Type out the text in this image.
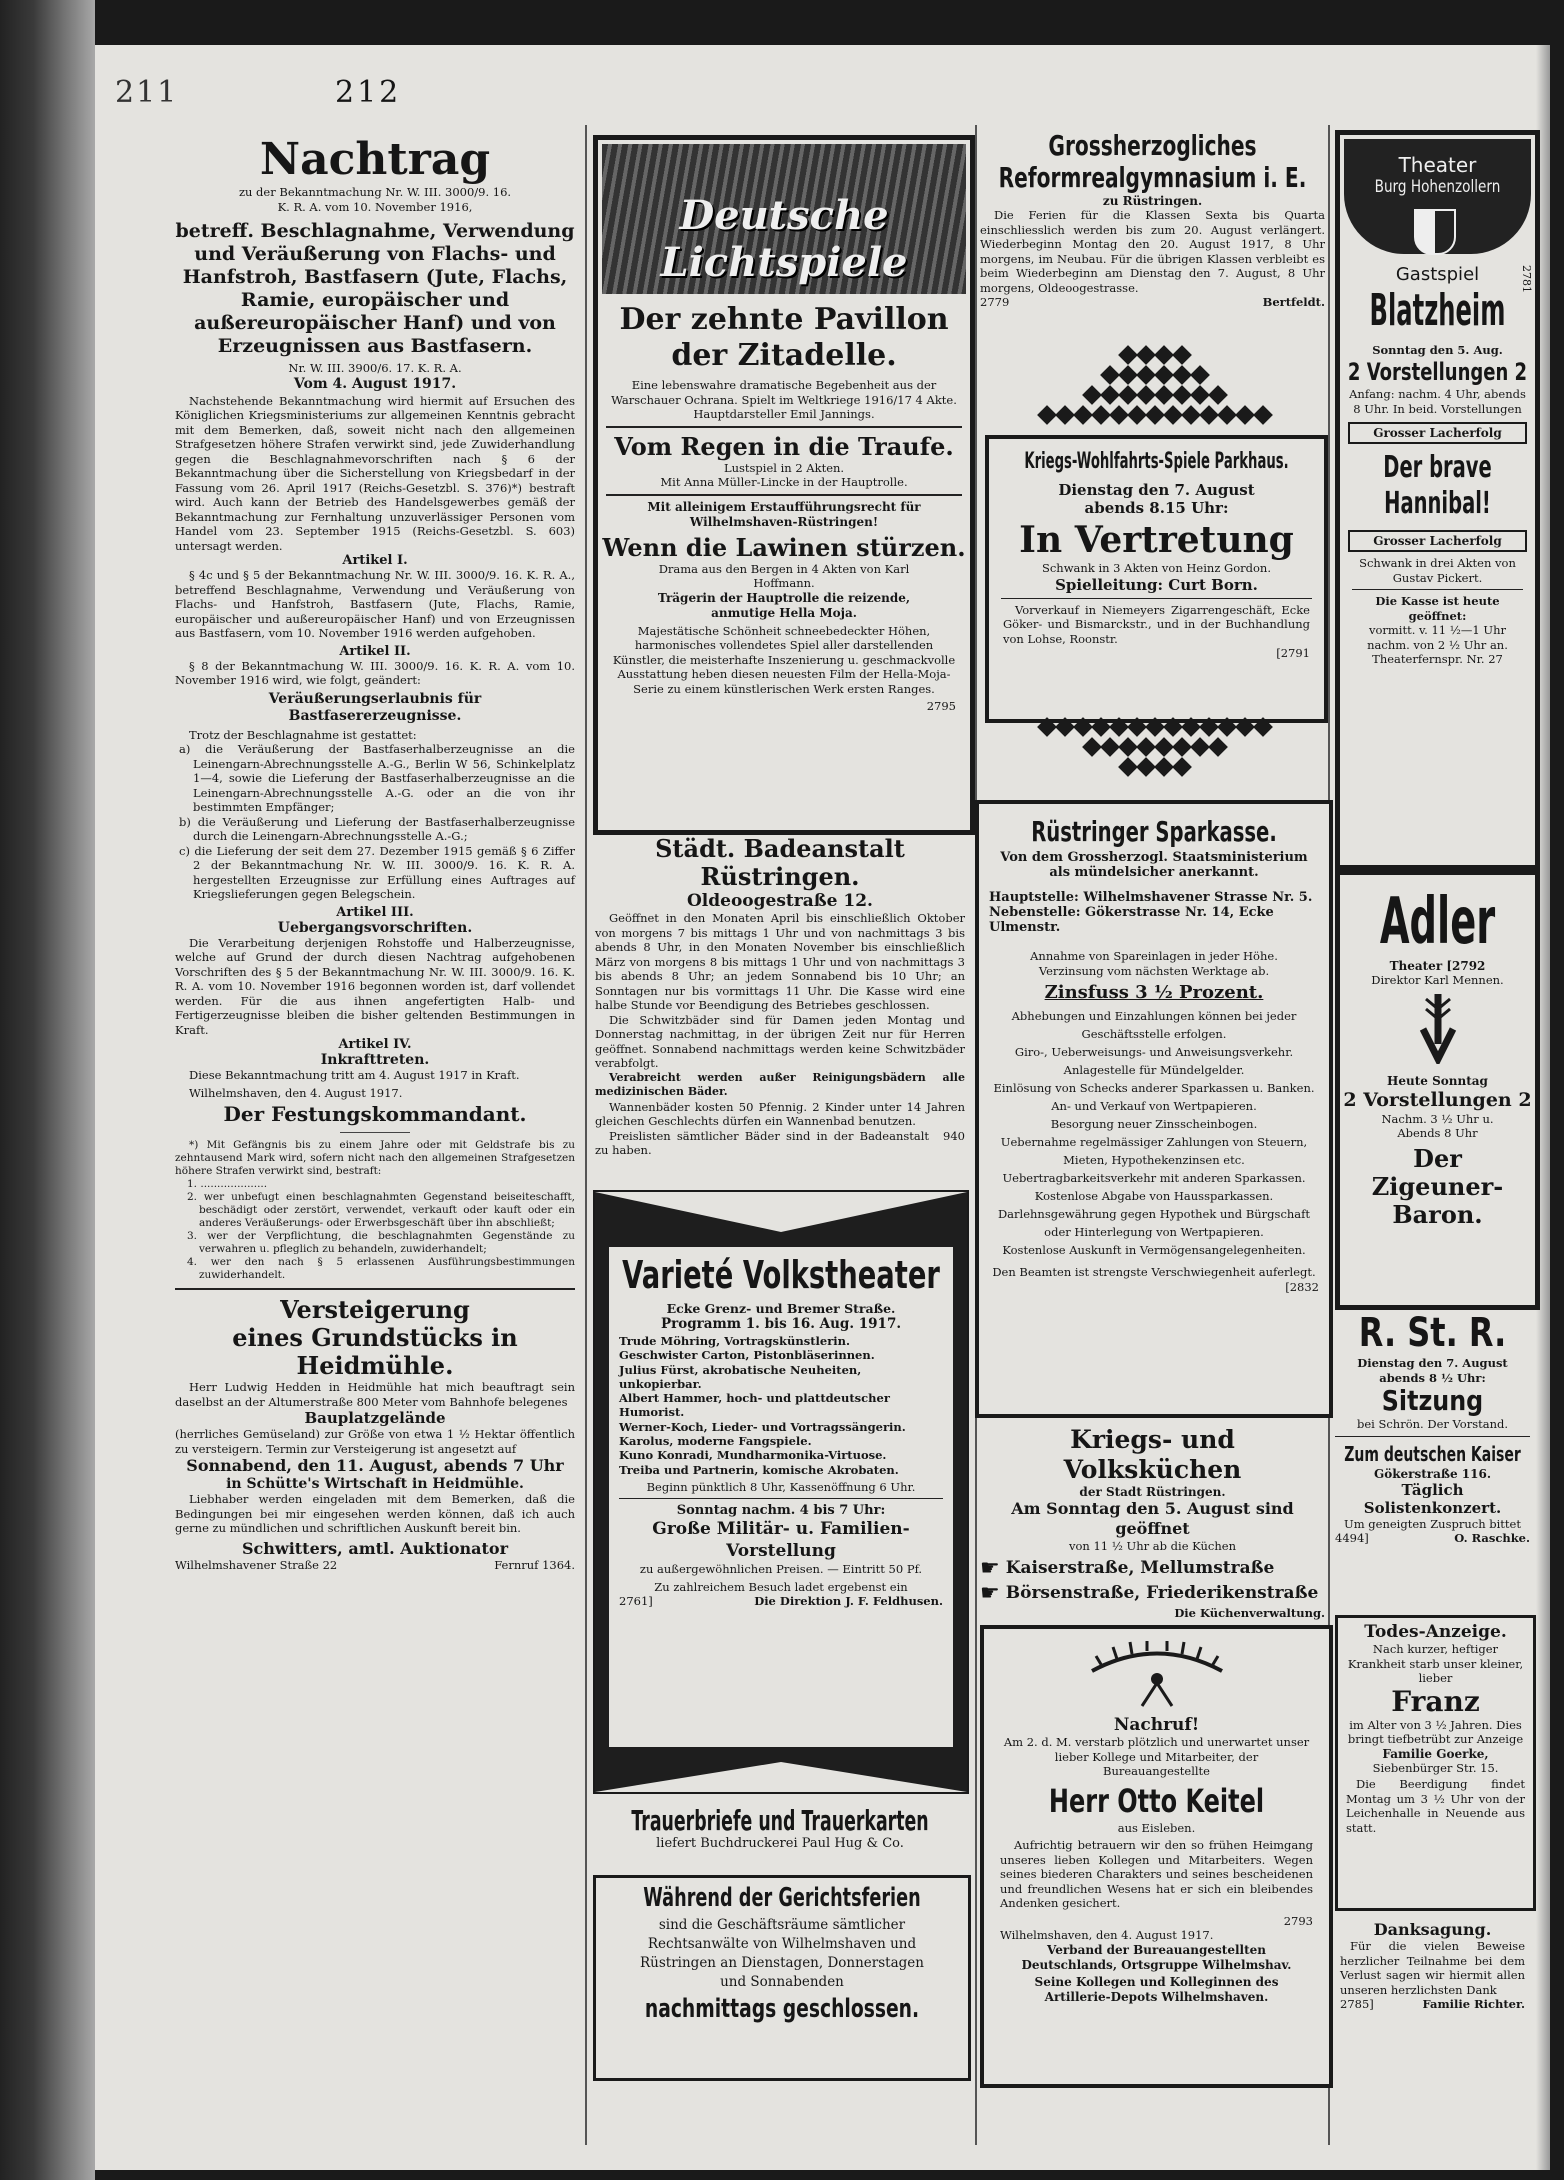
211	212
Nachtrag
zu der Bekanntmachung Nr. W. III. 3000/9. 16.
K. R. A. vom 10. November 1916,
betreff. Beschlagnahme, Verwendung und Veräußerung von Flachs- und Hanfstroh, Bastfasern (Jute, Flachs, Ramie, europäischer und außereuropäischer Hanf) und von Erzeugnissen aus Bastfasern.
Nr. W. III. 3900/6. 17. K. R. A.
Vom 4. August 1917.

Nachstehende Bekanntmachung wird hiermit auf Ersuchen des Königlichen Kriegsministeriums zur allgemeinen Kenntnis gebracht mit dem Bemerken, daß, soweit nicht nach den allgemeinen Strafgesetzen höhere Strafen verwirkt sind, jede Zuwiderhandlung gegen die Beschlagnahmevorschriften nach § 6 der Bekanntmachung über die Sicherstellung von Kriegsbedarf in der Fassung vom 26. April 1917 (Reichs-Gesetzbl. S. 376)*) bestraft wird. Auch kann der Betrieb des Handelsgewerbes gemäß der Bekanntmachung zur Fernhaltung unzuverlässiger Personen vom Handel vom 23. September 1915 (Reichs-Gesetzbl. S. 603) untersagt werden.

Artikel I.

§ 4c und § 5 der Bekanntmachung Nr. W. III. 3000/9. 16. K. R. A., betreffend Beschlagnahme, Verwendung und Veräußerung von Flachs- und Hanfstroh, Bastfasern (Jute, Flachs, Ramie, europäischer und außereuropäischer Hanf) und von Erzeugnissen aus Bastfasern, vom 10. November 1916 werden aufgehoben.

Artikel II.

§ 8 der Bekanntmachung W. III. 3000/9. 16. K. R. A. vom 10. November 1916 wird, wie folgt, geändert:

Veräußerungserlaubnis für Bastfasererzeugnisse.

Trotz der Beschlagnahme ist gestattet:

a) die Veräußerung der Bastfaserhalberzeugnisse an die Leinengarn-Abrechnungsstelle A.-G., Berlin W 56, Schinkelplatz 1—4, sowie die Lieferung der Bastfaserhalberzeugnisse an die Leinengarn-Abrechnungsstelle A.-G. oder an die von ihr bestimmten Empfänger;

b) die Veräußerung und Lieferung der Bastfaserhalberzeugnisse durch die Leinengarn-Abrechnungsstelle A.-G.;

c) die Lieferung der seit dem 27. Dezember 1915 gemäß § 6 Ziffer 2 der Bekanntmachung Nr. W. III. 3000/9. 16. K. R. A. hergestellten Erzeugnisse zur Erfüllung eines Auftrages auf Kriegslieferungen gegen Belegschein.

Artikel III.
Uebergangsvorschriften.

Die Verarbeitung derjenigen Rohstoffe und Halberzeugnisse, welche auf Grund der durch diesen Nachtrag aufgehobenen Vorschriften des § 5 der Bekanntmachung Nr. W. III. 3000/9. 16. K. R. A. vom 10. November 1916 begonnen worden ist, darf vollendet werden. Für die aus ihnen angefertigten Halb- und Fertigerzeugnisse bleiben die bisher geltenden Bestimmungen in Kraft.

Artikel IV.
Inkrafttreten.

Diese Bekanntmachung tritt am 4. August 1917 in Kraft.

Wilhelmshaven, den 4. August 1917.

Der Festungskommandant.

*) Mit Gefängnis bis zu einem Jahre oder mit Geldstrafe bis zu zehntausend Mark wird, sofern nicht nach den allgemeinen Strafgesetzen höhere Strafen verwirkt sind, bestraft:

1. ....................

2. wer unbefugt einen beschlagnahmten Gegenstand beiseiteschafft, beschädigt oder zerstört, verwendet, verkauft oder kauft oder ein anderes Veräußerungs- oder Erwerbsgeschäft über ihn abschließt;

3. wer der Verpflichtung, die beschlagnahmten Gegenstände zu verwahren u. pfleglich zu behandeln, zuwiderhandelt;

4. wer den nach § 5 erlassenen Ausführungsbestimmungen zuwiderhandelt.

Versteigerung
eines Grundstücks in Heidmühle.

Herr Ludwig Hedden in Heidmühle hat mich beauftragt sein daselbst an der Altumerstraße 800 Meter vom Bahnhofe belegenes

Bauplatzgelände

(herrliches Gemüseland) zur Größe von etwa 1 ½ Hektar öffentlich zu versteigern. Termin zur Versteigerung ist angesetzt auf

Sonnabend, den 11. August, abends 7 Uhr
in Schütte's Wirtschaft in Heidmühle.

Liebhaber werden eingeladen mit dem Bemerken, daß die Bedingungen bei mir eingesehen werden können, daß ich auch gerne zu mündlichen und schriftlichen Auskunft bereit bin.

Schwitters, amtl. Auktionator
Wilhelmshavener Straße 22	Fernruf 1364.
Deutsche Lichtspiele
Der zehnte Pavillon der Zitadelle.

Eine lebenswahre dramatische Begebenheit aus der Warschauer Ochrana. Spielt im Weltkriege 1916/17 4 Akte. Hauptdarsteller Emil Jannings.

Vom Regen in die Traufe.
Lustspiel in 2 Akten.
Mit Anna Müller-Lincke in der Hauptrolle.
Mit alleinigem Erstaufführungsrecht für Wilhelmshaven-Rüstringen!
Wenn die Lawinen stürzen.
Drama aus den Bergen in 4 Akten von Karl Hoffmann.
Trägerin der Hauptrolle die reizende, anmutige Hella Moja.

Majestätische Schönheit schneebedeckter Höhen, harmonisches vollendetes Spiel aller darstellenden Künstler, die meisterhafte Inszenierung u. geschmackvolle Ausstattung heben diesen neuesten Film der Hella-Moja-Serie zu einem künstlerischen Werk ersten Ranges.

2795
Städt. Badeanstalt Rüstringen.
Oldeoogestraße 12.

Geöffnet in den Monaten April bis einschließlich Oktober von morgens 7 bis mittags 1 Uhr und von nachmittags 3 bis abends 8 Uhr, in den Monaten November bis einschließlich März von morgens 8 bis mittags 1 Uhr und von nachmittags 3 bis abends 8 Uhr; an jedem Sonnabend bis 10 Uhr; an Sonntagen nur bis vormittags 11 Uhr. Die Kasse wird eine halbe Stunde vor Beendigung des Betriebes geschlossen.

Die Schwitzbäder sind für Damen jeden Montag und Donnerstag nachmittag, in der übrigen Zeit nur für Herren geöffnet. Sonnabend nachmittags werden keine Schwitzbäder verabfolgt.

Verabreicht werden außer Reinigungsbädern alle medizinischen Bäder.

Wannenbäder kosten 50 Pfennig. 2 Kinder unter 14 Jahren gleichen Geschlechts dürfen ein Wannenbad benutzen.

Preislisten sämtlicher Bäder sind in der Badeanstalt zu haben.
940
Varieté Volkstheater
Ecke Grenz- und Bremer Straße.
Programm 1. bis 16. Aug. 1917.
Trude Möhring, Vortragskünstlerin.
Geschwister Carton, Pistonbläserinnen.
Julius Fürst, akrobatische Neuheiten, unkopierbar.
Albert Hammer, hoch- und plattdeutscher Humorist.
Werner-Koch, Lieder- und Vortragssängerin.
Karolus, moderne Fangspiele.
Kuno Konradi, Mundharmonika-Virtuose.
Treiba und Partnerin, komische Akrobaten.
Beginn pünktlich 8 Uhr, Kassenöffnung 6 Uhr.
Sonntag nachm. 4 bis 7 Uhr:
Große Militär- u. Familien-Vorstellung
zu außergewöhnlichen Preisen. — Eintritt 50 Pf.
Zu zahlreichem Besuch ladet ergebenst ein
2761]	Die Direktion J. F. Feldhusen.
Trauerbriefe und Trauerkarten
liefert Buchdruckerei Paul Hug & Co.
Während der Gerichtsferien

sind die Geschäftsräume sämtlicher Rechtsanwälte von Wilhelmshaven und Rüstringen an Dienstagen, Donnerstagen und Sonnabenden

nachmittags geschlossen.
Grossherzogliches
Reformrealgymnasium i. E.
zu Rüstringen.

Die Ferien für die Klassen Sexta bis Quarta einschliesslich werden bis zum 20. August verlängert. Wiederbeginn Montag den 20. August 1917, 8 Uhr morgens, im Neubau. Für die übrigen Klassen verbleibt es beim Wiederbeginn am Dienstag den 7. August, 8 Uhr morgens, Oldeoogestrasse.

2779	Bertfeldt.
Kriegs-Wohlfahrts-Spiele Parkhaus.
Dienstag den 7. August
abends 8.15 Uhr:
In Vertretung
Schwank in 3 Akten von Heinz Gordon.
Spielleitung: Curt Born.

Vorverkauf in Niemeyers Zigarrengeschäft, Ecke Göker- und Bismarckstr., und in der Buchhandlung von Lohse, Roonstr.

[2791
Rüstringer Sparkasse.
Von dem Grossherzogl. Staatsministerium
als mündelsicher anerkannt.
Hauptstelle: Wilhelmshavener Strasse Nr. 5.
Nebenstelle: Gökerstrasse Nr. 14, Ecke Ulmenstr.
Annahme von Spareinlagen in jeder Höhe.
Verzinsung vom nächsten Werktage ab.
Zinsfuss 3 ½ Prozent.
Abhebungen und Einzahlungen können bei jeder Geschäftsstelle erfolgen.
Giro-, Ueberweisungs- und Anweisungsverkehr.
Anlagestelle für Mündelgelder.
Einlösung von Schecks anderer Sparkassen u. Banken.
An- und Verkauf von Wertpapieren.
Besorgung neuer Zinsscheinbogen.
Uebernahme regelmässiger Zahlungen von Steuern, Mieten, Hypothekenzinsen etc.
Uebertragbarkeitsverkehr mit anderen Sparkassen.
Kostenlose Abgabe von Haussparkassen.
Darlehnsgewährung gegen Hypothek und Bürgschaft oder Hinterlegung von Wertpapieren.
Kostenlose Auskunft in Vermögensangelegenheiten.
Den Beamten ist strengste Verschwiegenheit auferlegt.
[2832
Kriegs- und Volksküchen
der Stadt Rüstringen.
Am Sonntag den 5. August sind geöffnet
von 11 ½ Uhr ab die Küchen
☛ Kaiserstraße, Mellumstraße
☛ Börsenstraße, Friederikenstraße
Die Küchenverwaltung.
Nachruf!

Am 2. d. M. verstarb plötzlich und unerwartet unser lieber Kollege und Mitarbeiter, der Bureauangestellte

Herr Otto Keitel
aus Eisleben.

Aufrichtig betrauern wir den so frühen Heimgang unseres lieben Kollegen und Mitarbeiters. Wegen seines biederen Charakters und seines bescheidenen und freundlichen Wesens hat er sich ein bleibendes Andenken gesichert.

2793
Wilhelmshaven, den 4. August 1917.
Verband der Bureauangestellten Deutschlands, Ortsgruppe Wilhelmshav.
Seine Kollegen und Kolleginnen des Artillerie-Depots Wilhelmshaven.
Theater
Burg Hohenzollern
2781
Gastspiel
Blatzheim
Sonntag den 5. Aug.
2 Vorstellungen 2

Anfang: nachm. 4 Uhr, abends 8 Uhr. In beid. Vorstellungen

Grosser Lacherfolg
Der brave Hannibal!
Grosser Lacherfolg

Schwank in drei Akten von Gustav Pickert.

Die Kasse ist heute geöffnet:

vormitt. v. 11 ½—1 Uhr nachm. von 2 ½ Uhr an. Theaterfernspr. Nr. 27

Adler
Theater [2792
Direktor Karl Mennen.
Heute Sonntag
2 Vorstellungen 2

Nachm. 3 ½ Uhr u. Abends 8 Uhr

Der Zigeuner-Baron.
R. St. R.

Dienstag den 7. August abends 8 ½ Uhr:

Sitzung

bei Schrön. Der Vorstand.

Zum deutschen Kaiser
Gökerstraße 116.
Täglich Solistenkonzert.
Um geneigten Zuspruch bittet
4494]	O. Raschke.
Todes-Anzeige.

Nach kurzer, heftiger Krankheit starb unser kleiner, lieber

Franz

im Alter von 3 ½ Jahren. Dies bringt tiefbetrübt zur Anzeige

Familie Goerke,
Siebenbürger Str. 15.

Die Beerdigung findet Montag um 3 ½ Uhr von der Leichenhalle in Neuende aus statt.

Danksagung.

Für die vielen Beweise herzlicher Teilnahme bei dem Verlust sagen wir hiermit allen unseren herzlichsten Dank

2785]	Familie Richter.
